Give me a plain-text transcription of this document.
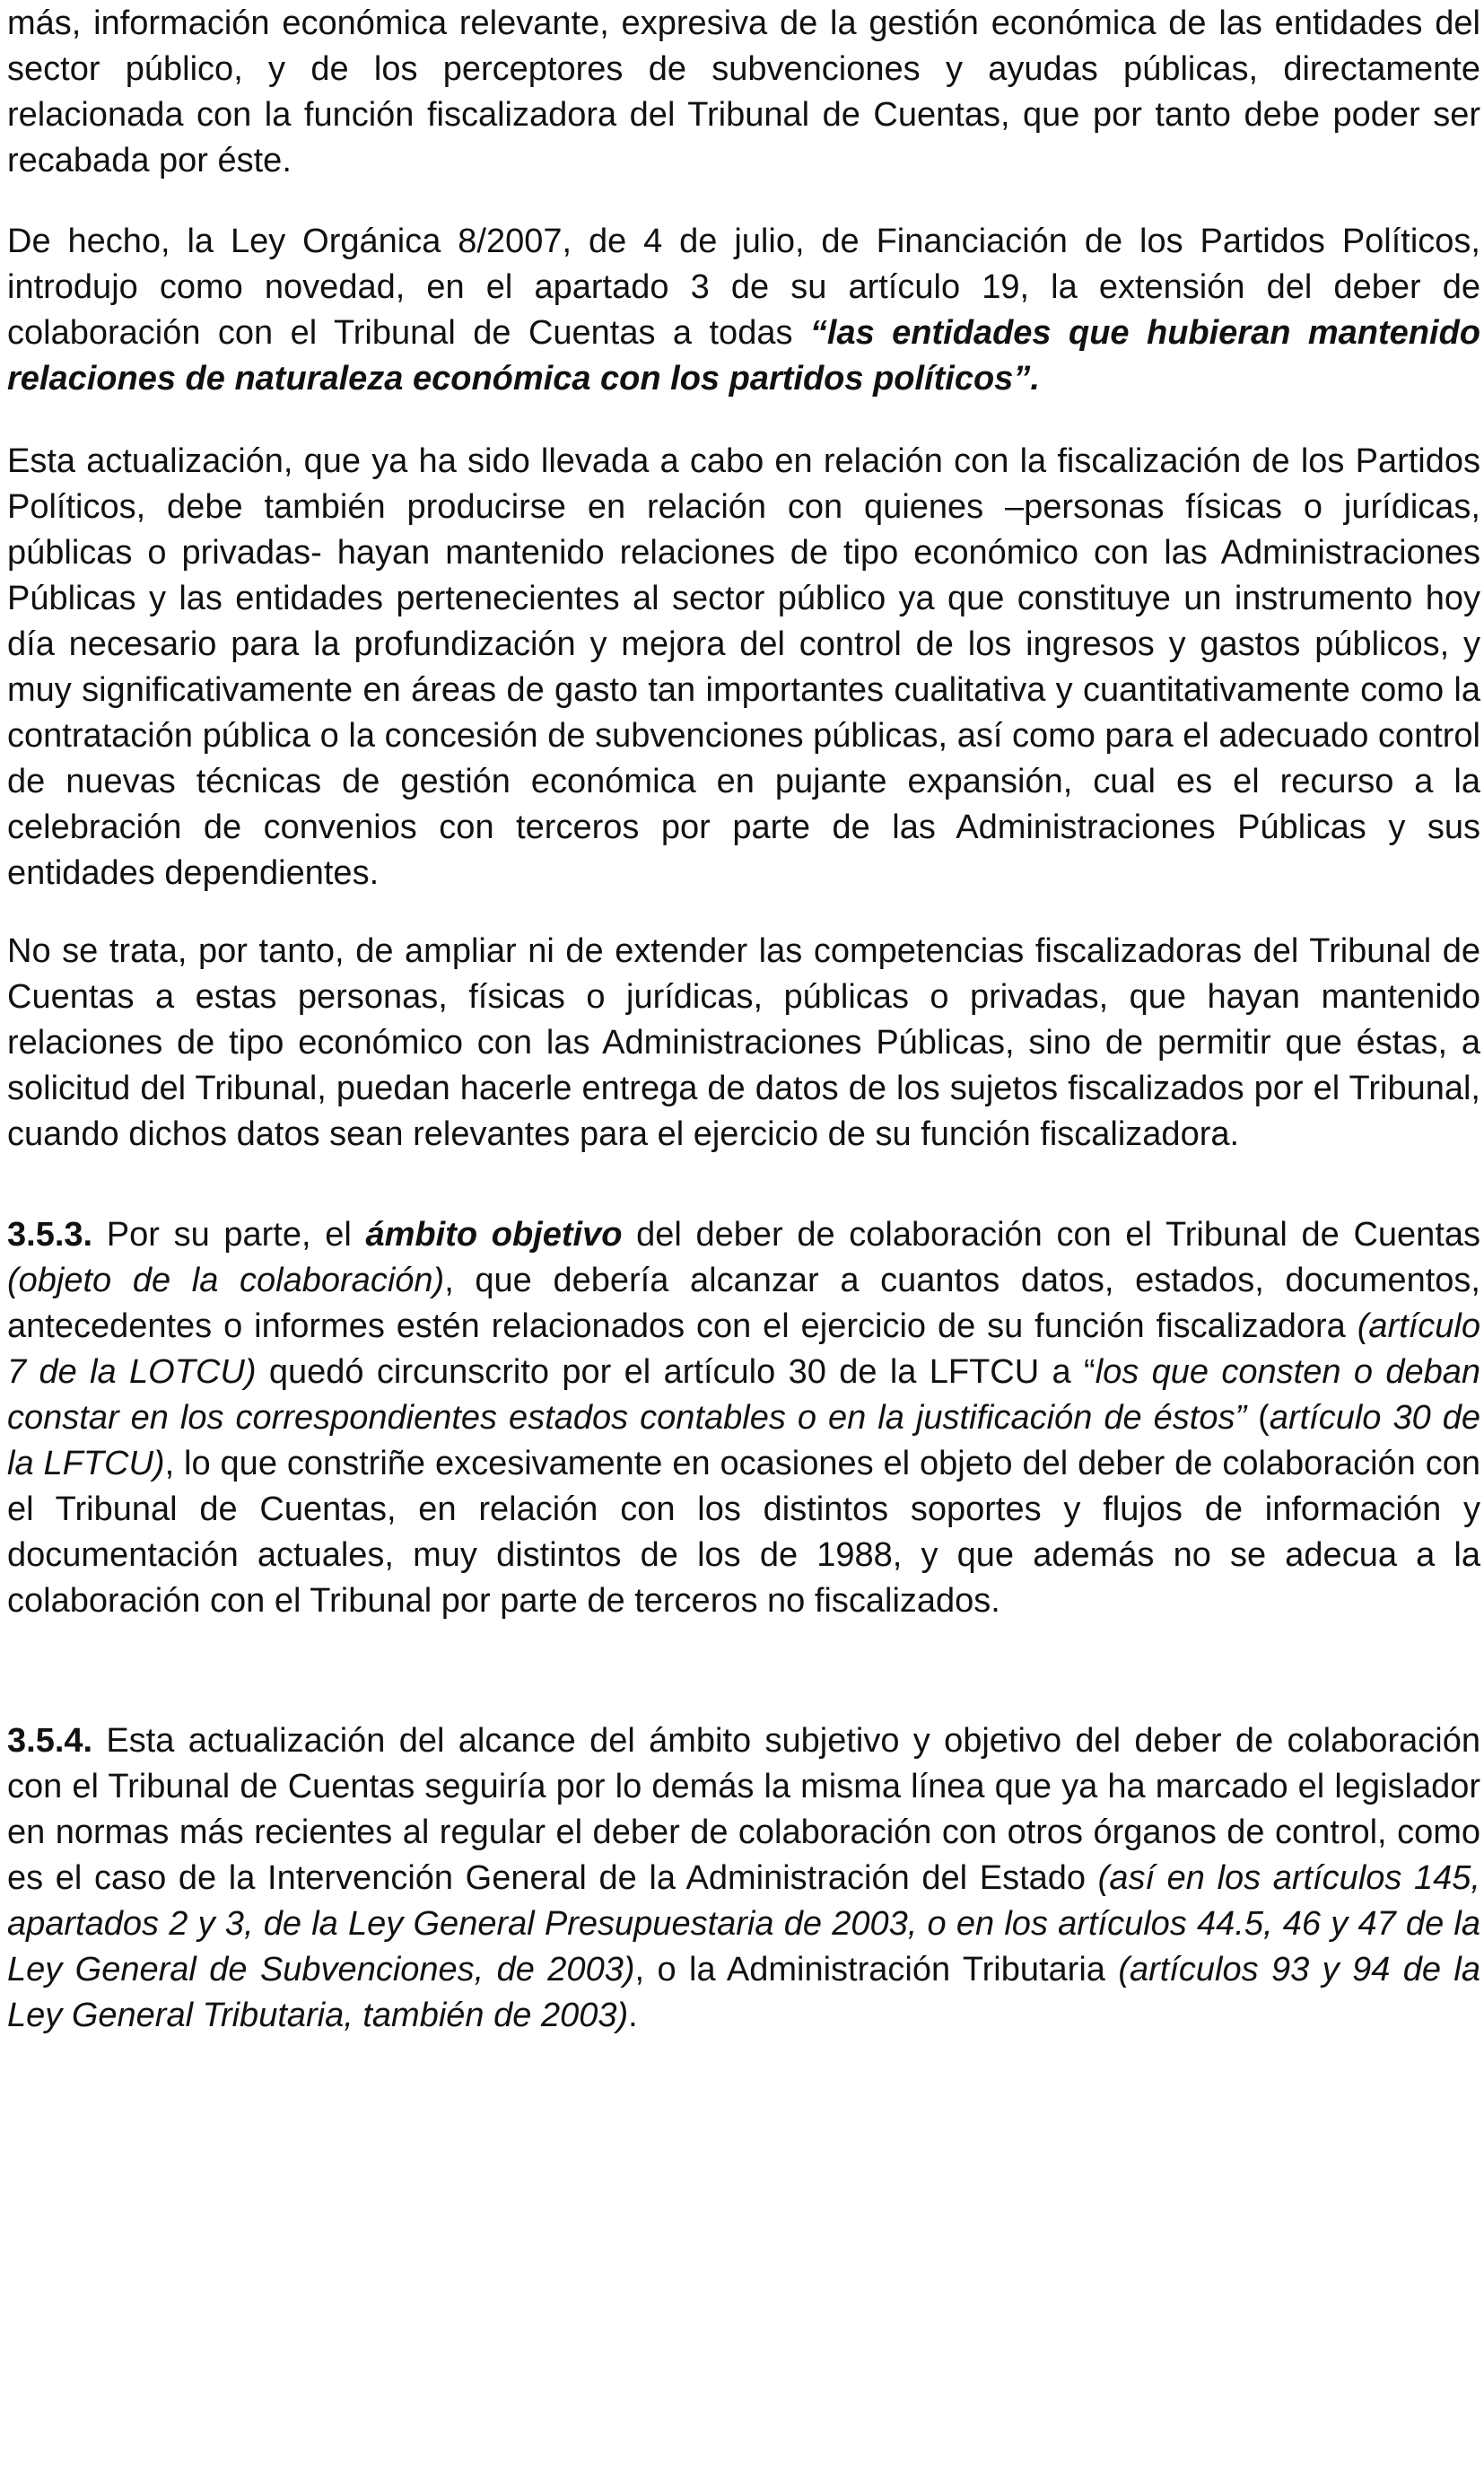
más, información económica relevante, expresiva de la gestión económica de las entidades del sector público, y de los perceptores de subvenciones y ayudas públicas, directamente relacionada con la función fiscalizadora del Tribunal de Cuentas, que por tanto debe poder ser recabada por éste.

De hecho, la Ley Orgánica 8/2007, de 4 de julio, de Financiación de los Partidos Políticos, introdujo como novedad, en el apartado 3 de su artículo 19, la extensión del deber de colaboración con el Tribunal de Cuentas a todas “las entidades que hubieran mantenido relaciones de naturaleza económica con los partidos políticos”.

Esta actualización, que ya ha sido llevada a cabo en relación con la fiscalización de los Partidos Políticos, debe también producirse en relación con quienes –personas físicas o jurídicas, públicas o privadas- hayan mantenido relaciones de tipo económico con las Administraciones Públicas y las entidades pertenecientes al sector público ya que constituye un instrumento hoy día necesario para la profundización y mejora del control de los ingresos y gastos públicos, y muy significativamente en áreas de gasto tan importantes cualitativa y cuantitativamente como la contratación pública o la concesión de subvenciones públicas, así como para el adecuado control de nuevas técnicas de gestión económica en pujante expansión, cual es el recurso a la celebración de convenios con terceros por parte de las Administraciones Públicas y sus entidades dependientes.

No se trata, por tanto, de ampliar ni de extender las competencias fiscalizadoras del Tribunal de Cuentas a estas personas, físicas o jurídicas, públicas o privadas, que hayan mantenido relaciones de tipo económico con las Administraciones Públicas, sino de permitir que éstas, a solicitud del Tribunal, puedan hacerle entrega de datos de los sujetos fiscalizados por el Tribunal, cuando dichos datos sean relevantes para el ejercicio de su función fiscalizadora.

3.5.3. Por su parte, el ámbito objetivo del deber de colaboración con el Tribunal de Cuentas (objeto de la colaboración), que debería alcanzar a cuantos datos, estados, documentos, antecedentes o informes estén relacionados con el ejercicio de su función fiscalizadora (artículo 7 de la LOTCU) quedó circunscrito por el artículo 30 de la LFTCU a “los que consten o deban constar en los correspondientes estados contables o en la justificación de éstos” (artículo 30 de la LFTCU), lo que constriñe excesivamente en ocasiones el objeto del deber de colaboración con el Tribunal de Cuentas, en relación con los distintos soportes y flujos de información y documentación actuales, muy distintos de los de 1988, y que además no se adecua a la colaboración con el Tribunal por parte de terceros no fiscalizados.

3.5.4. Esta actualización del alcance del ámbito subjetivo y objetivo del deber de colaboración con el Tribunal de Cuentas seguiría por lo demás la misma línea que ya ha marcado el legislador en normas más recientes al regular el deber de colaboración con otros órganos de control, como es el caso de la Intervención General de la Administración del Estado (así en los artículos 145, apartados 2 y 3, de la Ley General Presupuestaria de 2003, o en los artículos 44.5, 46 y 47 de la Ley General de Subvenciones, de 2003), o la Administración Tributaria (artículos 93 y 94 de la Ley General Tributaria, también de 2003).
